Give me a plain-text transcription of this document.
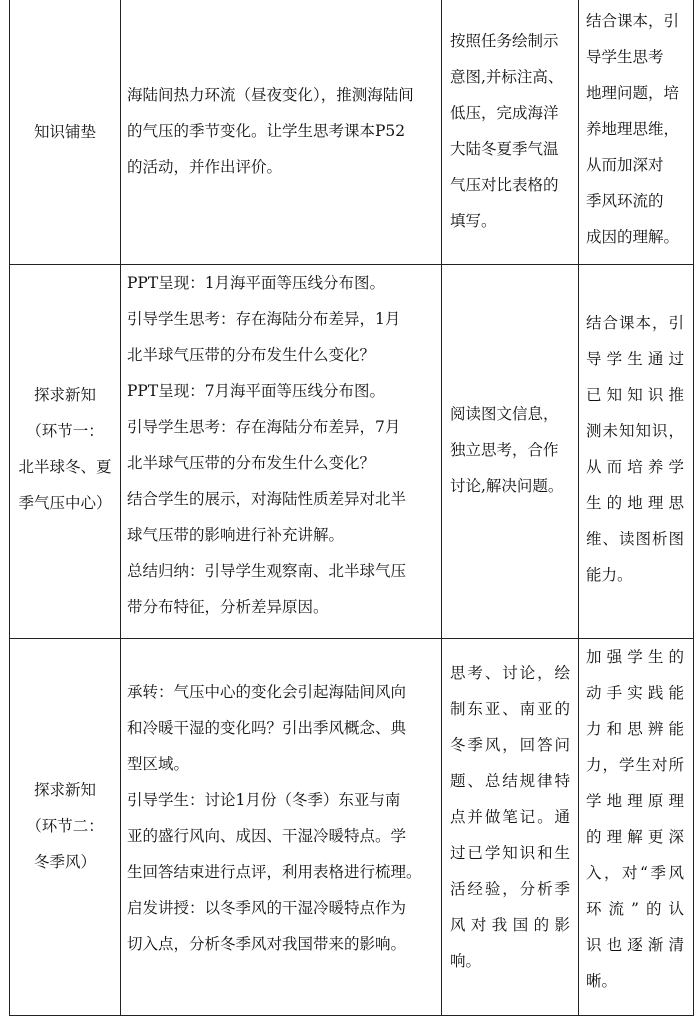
知识铺垫

海陆间热力环流（昼夜变化），推测海陆间

的气压的季节变化。让学生思考课本P52

的活动，并作出评价。

按照任务绘制示

意图,并标注高、

低压，完成海洋

大陆冬夏季气温

气压对比表格的

填写。

结合课本，引

导学生思考

地理问题，培

养地理思维，

从而加深对

季风环流的

成因的理解。

探求新知

（环节一：

北半球冬、夏

季气压中心）

PPT呈现：1月海平面等压线分布图。

引导学生思考：存在海陆分布差异，1月

北半球气压带的分布发生什么变化？

PPT呈现：7月海平面等压线分布图。

引导学生思考：存在海陆分布差异，7月

北半球气压带的分布发生什么变化？

结合学生的展示，对海陆性质差异对北半

球气压带的影响进行补充讲解。

总结归纳：引导学生观察南、北半球气压

带分布特征，分析差异原因。

阅读图文信息，

独立思考，合作

讨论,解决问题。

结合课本，引

导学生通过

已知知识推

测未知知识，

从而培养学

生的地理思

维、读图析图

能力。

探求新知

（环节二：

冬季风）

承转：气压中心的变化会引起海陆间风向

和冷暖干湿的变化吗？引出季风概念、典

型区域。

引导学生：讨论1月份（冬季）东亚与南

亚的盛行风向、成因、干湿冷暖特点。学

生回答结束进行点评，利用表格进行梳理。

启发讲授：以冬季风的干湿冷暖特点作为

切入点，分析冬季风对我国带来的影响。

思考、讨论，绘

制东亚、南亚的

冬季风，回答问

题、总结规律特

点并做笔记。通

过已学知识和生

活经验，分析季

风对我国的影

响。

加强学生的

动手实践能

力和思辨能

力，学生对所

学地理原理

的理解更深

入，对“季风

环流”的认

识也逐渐清

晰。
